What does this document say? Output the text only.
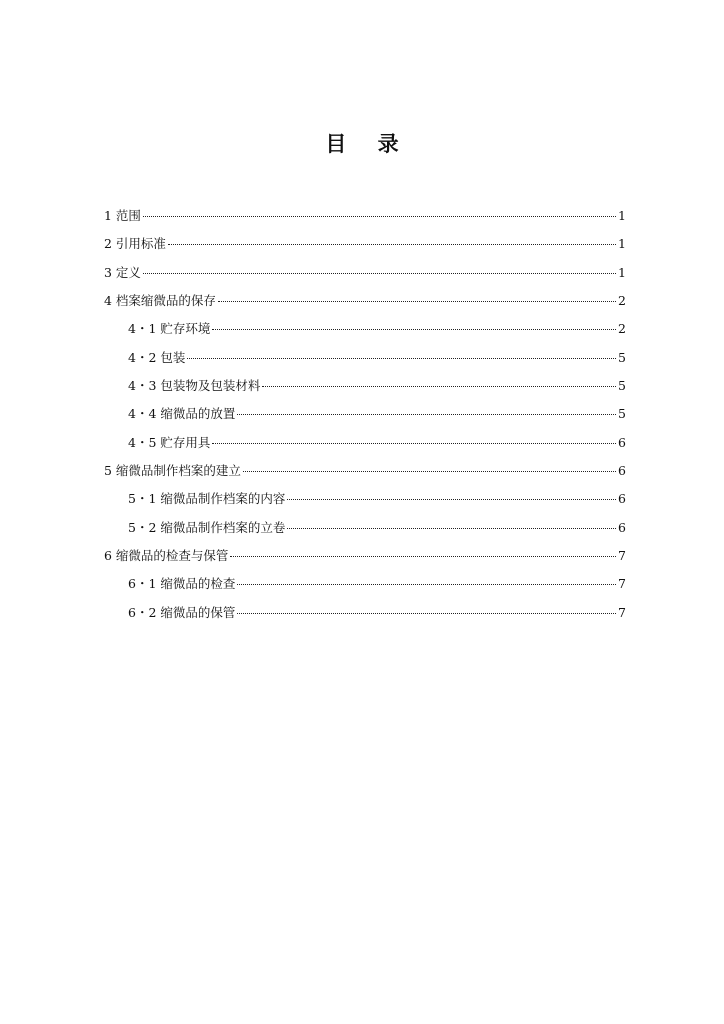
目 录
1 范围	1
2 引用标准	1
3 定义	1
4 档案缩微品的保存	2
4・1 贮存环境	2
4・2 包装	5
4・3 包装物及包装材料	5
4・4 缩微品的放置	5
4・5 贮存用具	6
5 缩微品制作档案的建立	6
5・1 缩微品制作档案的内容	6
5・2 缩微品制作档案的立卷	6
6 缩微品的检查与保管	7
6・1 缩微品的检查	7
6・2 缩微品的保管	7
